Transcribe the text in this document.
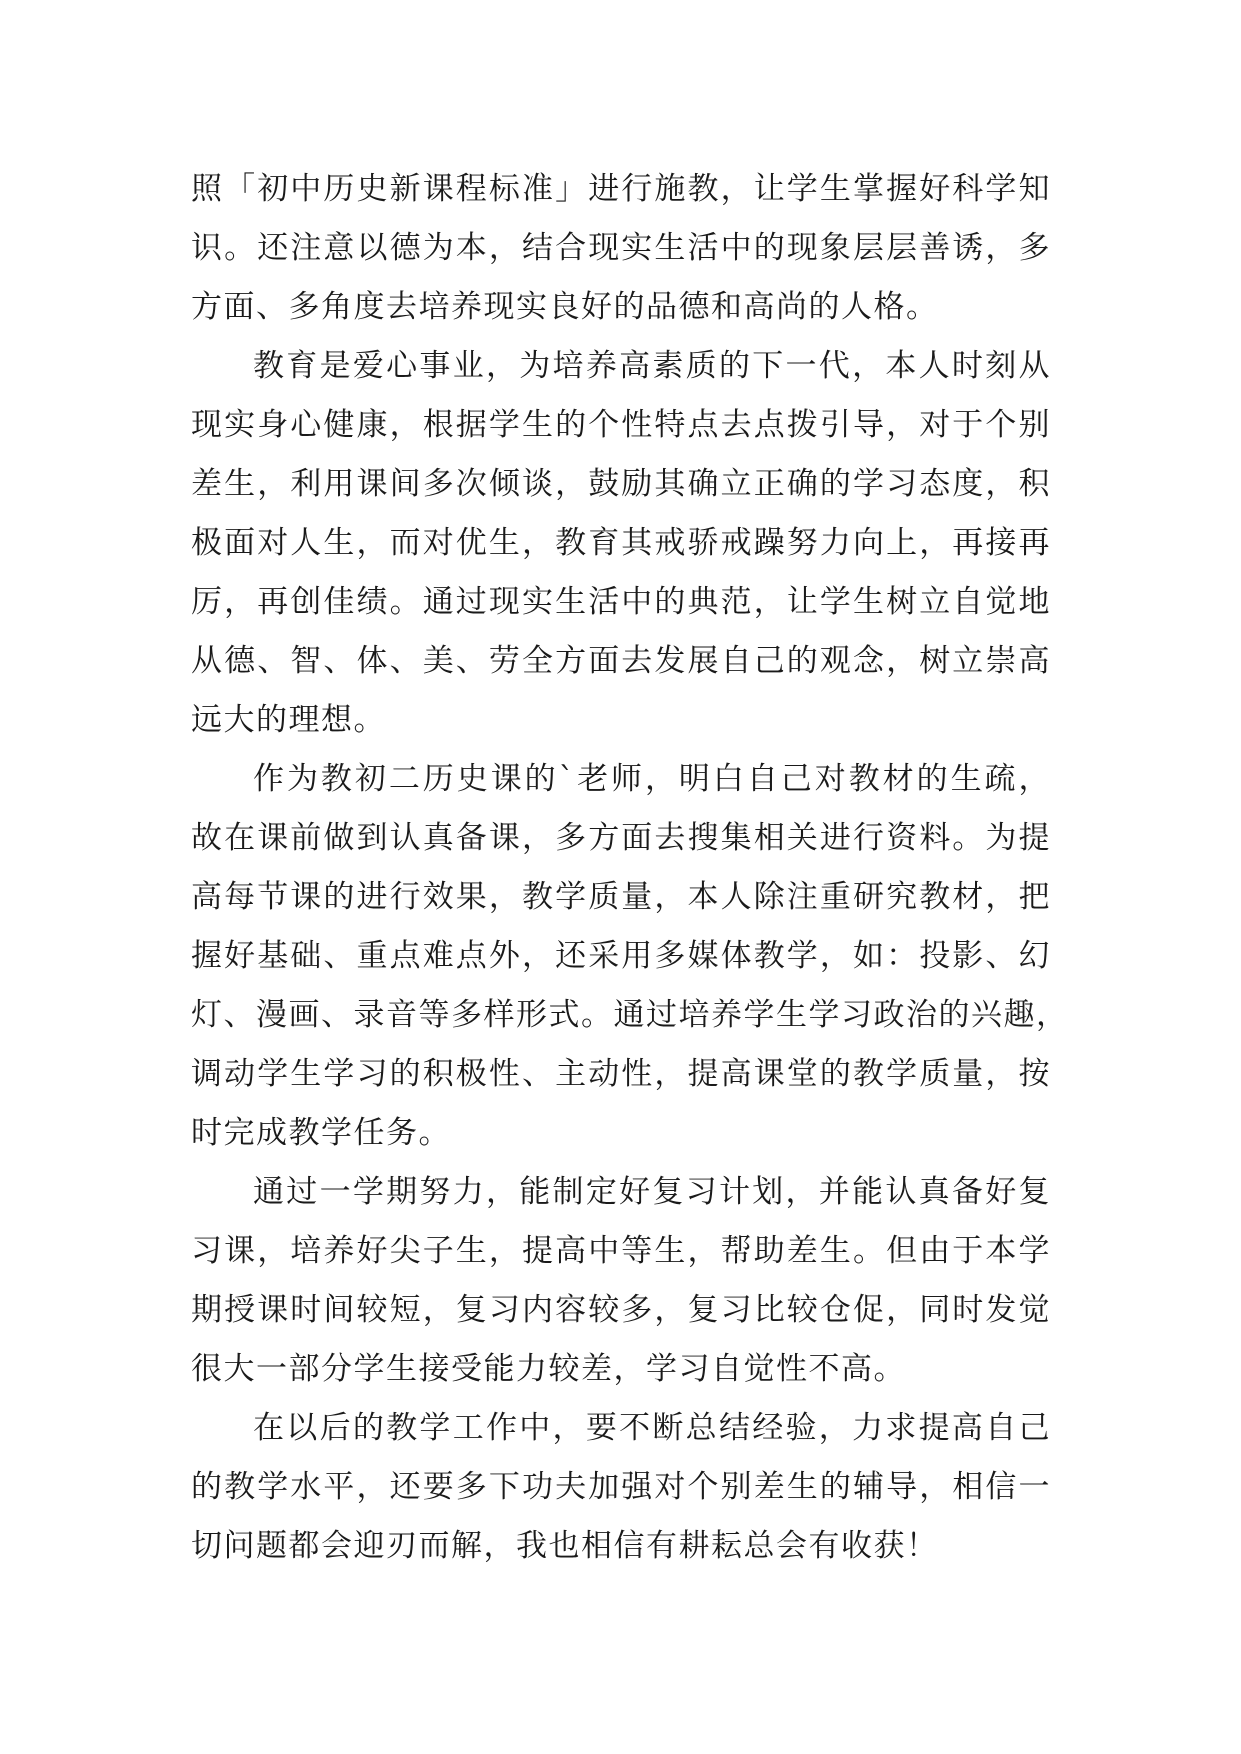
照「初中历史新课程标准」进行施教，让学生掌握好科学知
识。还注意以德为本，结合现实生活中的现象层层善诱，多
方面、多角度去培养现实良好的品德和高尚的人格。
教育是爱心事业，为培养高素质的下一代，本人时刻从
现实身心健康，根据学生的个性特点去点拨引导，对于个别
差生，利用课间多次倾谈，鼓励其确立正确的学习态度，积
极面对人生，而对优生，教育其戒骄戒躁努力向上，再接再
厉，再创佳绩。通过现实生活中的典范，让学生树立自觉地
从德、智、体、美、劳全方面去发展自己的观念，树立崇高
远大的理想。
作为教初二历史课的`老师，明白自己对教材的生疏，
故在课前做到认真备课，多方面去搜集相关进行资料。为提
高每节课的进行效果，教学质量，本人除注重研究教材，把
握好基础、重点难点外，还采用多媒体教学，如：投影、幻
灯、漫画、录音等多样形式。通过培养学生学习政治的兴趣，
调动学生学习的积极性、主动性，提高课堂的教学质量，按
时完成教学任务。
通过一学期努力，能制定好复习计划，并能认真备好复
习课，培养好尖子生，提高中等生，帮助差生。但由于本学
期授课时间较短，复习内容较多，复习比较仓促，同时发觉
很大一部分学生接受能力较差，学习自觉性不高。
在以后的教学工作中，要不断总结经验，力求提高自己
的教学水平，还要多下功夫加强对个别差生的辅导，相信一
切问题都会迎刃而解，我也相信有耕耘总会有收获！
